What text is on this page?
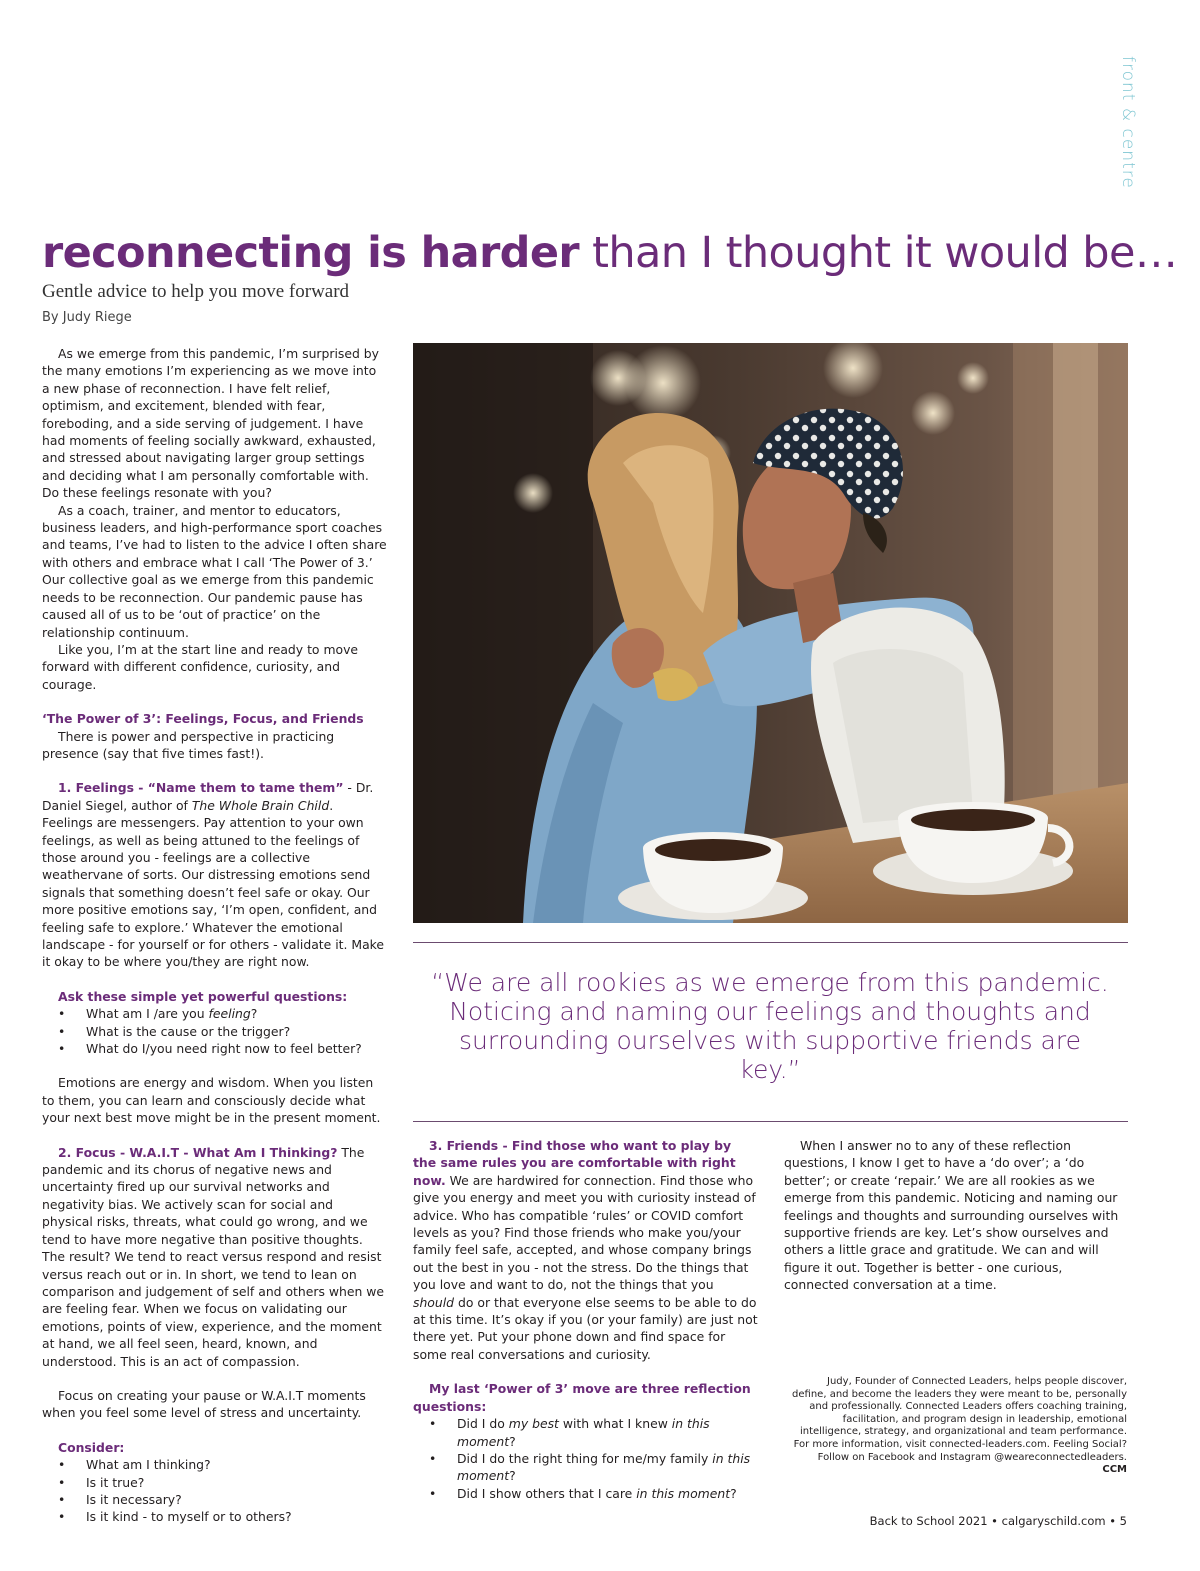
front & centre
reconnecting is harder than I thought it would be…
Gentle advice to help you move forward
By Judy Riege

As we emerge from this pandemic, I’m surprised by the many emotions I’m experiencing as we move into a new phase of reconnection. I have felt relief, optimism, and excitement, blended with fear, foreboding, and a side serving of judgement. I have had moments of feeling socially awkward, exhausted, and stressed about navigating larger group settings and deciding what I am personally comfortable with. Do these feelings resonate with you?

As a coach, trainer, and mentor to educators, business leaders, and high-performance sport coaches and teams, I’ve had to listen to the advice I often share with others and embrace what I call ‘The Power of 3.’ Our collective goal as we emerge from this pandemic needs to be reconnection. Our pandemic pause has caused all of us to be ‘out of practice’ on the relationship continuum.

Like you, I’m at the start line and ready to move forward with different confidence, curiosity, and courage.

‘The Power of 3’: Feelings, Focus, and Friends

There is power and perspective in practicing presence (say that five times fast!).

1. Feelings - “Name them to tame them” - Dr. Daniel Siegel, author of The Whole Brain Child. Feelings are messengers. Pay attention to your own feelings, as well as being attuned to the feelings of those around you - feelings are a collective weathervane of sorts. Our distressing emotions send signals that something doesn’t feel safe or okay. Our more positive emotions say, ‘I’m open, confident, and feeling safe to explore.’ Whatever the emotional landscape - for yourself or for others - validate it. Make it okay to be where you/they are right now.

Ask these simple yet powerful questions:

• What am I /are you feeling?
• What is the cause or the trigger?
• What do I/you need right now to feel better?

Emotions are energy and wisdom. When you listen to them, you can learn and consciously decide what your next best move might be in the present moment.

2. Focus - W.A.I.T - What Am I Thinking? The pandemic and its chorus of negative news and uncertainty fired up our survival networks and negativity bias. We actively scan for social and physical risks, threats, what could go wrong, and we tend to have more negative than positive thoughts. The result? We tend to react versus respond and resist versus reach out or in. In short, we tend to lean on comparison and judgement of self and others when we are feeling fear. When we focus on validating our emotions, points of view, experience, and the moment at hand, we all feel seen, heard, known, and understood. This is an act of compassion.

Focus on creating your pause or W.A.I.T moments when you feel some level of stress and uncertainty.

Consider:

• What am I thinking?
• Is it true?
• Is it necessary?
• Is it kind - to myself or to others?
“We are all rookies as we emerge from this pandemic. Noticing and naming our feelings and thoughts and surrounding ourselves with supportive friends are key.”

3. Friends - Find those who want to play by the same rules you are comfortable with right now. We are hardwired for connection. Find those who give you energy and meet you with curiosity instead of advice. Who has compatible ‘rules’ or COVID comfort levels as you? Find those friends who make you/your family feel safe, accepted, and whose company brings out the best in you - not the stress. Do the things that you love and want to do, not the things that you should do or that everyone else seems to be able to do at this time. It’s okay if you (or your family) are just not there yet. Put your phone down and find space for some real conversations and curiosity.

My last ‘Power of 3’ move are three reflection questions:

• Did I do my best with what I knew in this moment?
• Did I do the right thing for me/my family in this moment?
• Did I show others that I care in this moment?

When I answer no to any of these reflection questions, I know I get to have a ‘do over’; a ‘do better’; or create ‘repair.’ We are all rookies as we emerge from this pandemic. Noticing and naming our feelings and thoughts and surrounding ourselves with supportive friends are key. Let’s show ourselves and others a little grace and gratitude. We can and will figure it out. Together is better - one curious, connected conversation at a time.

Judy, Founder of Connected Leaders, helps people discover, define, and become the leaders they were meant to be, personally and professionally. Connected Leaders offers coaching training, facilitation, and program design in leadership, emotional intelligence, strategy, and organizational and team performance. For more information, visit connected-leaders.com. Feeling Social? Follow on Facebook and Instagram @weareconnectedleaders. CCM
Back to School 2021 • calgaryschild.com • 5
